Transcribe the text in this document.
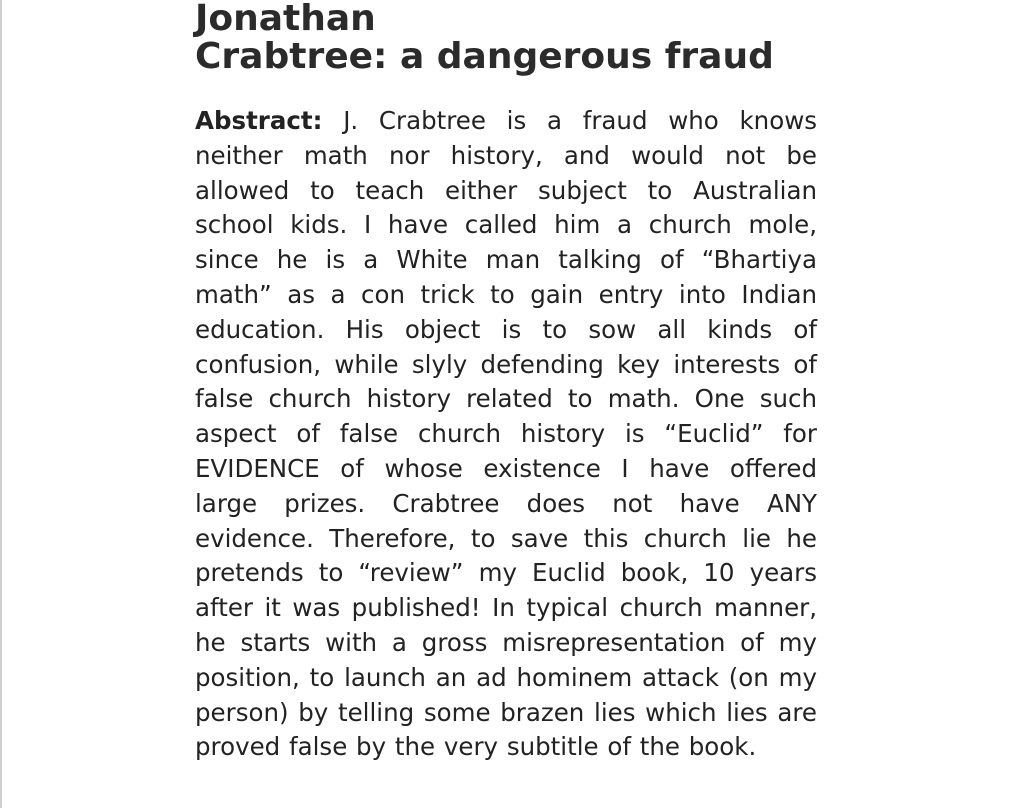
Jonathan
Crabtree: a dangerous fraud

Abstract: J. Crabtree is a fraud who knows neither math nor history, and would not be allowed to teach either subject to Australian school kids. I have called him a church mole, since he is a White man talking of “Bhartiya math” as a con trick to gain entry into Indian education. His object is to sow all kinds of confusion, while slyly defending key interests of false church history related to math. One such aspect of false church history is “Euclid” for EVIDENCE of whose existence I have offered large prizes. Crabtree does not have ANY evidence. Therefore, to save this church lie he pretends to “review” my Euclid book, 10 years after it was published! In typical church manner, he starts with a gross misrepresentation of my position, to launch an ad hominem attack (on my person) by telling some brazen lies which lies are proved false by the very subtitle of the book.
